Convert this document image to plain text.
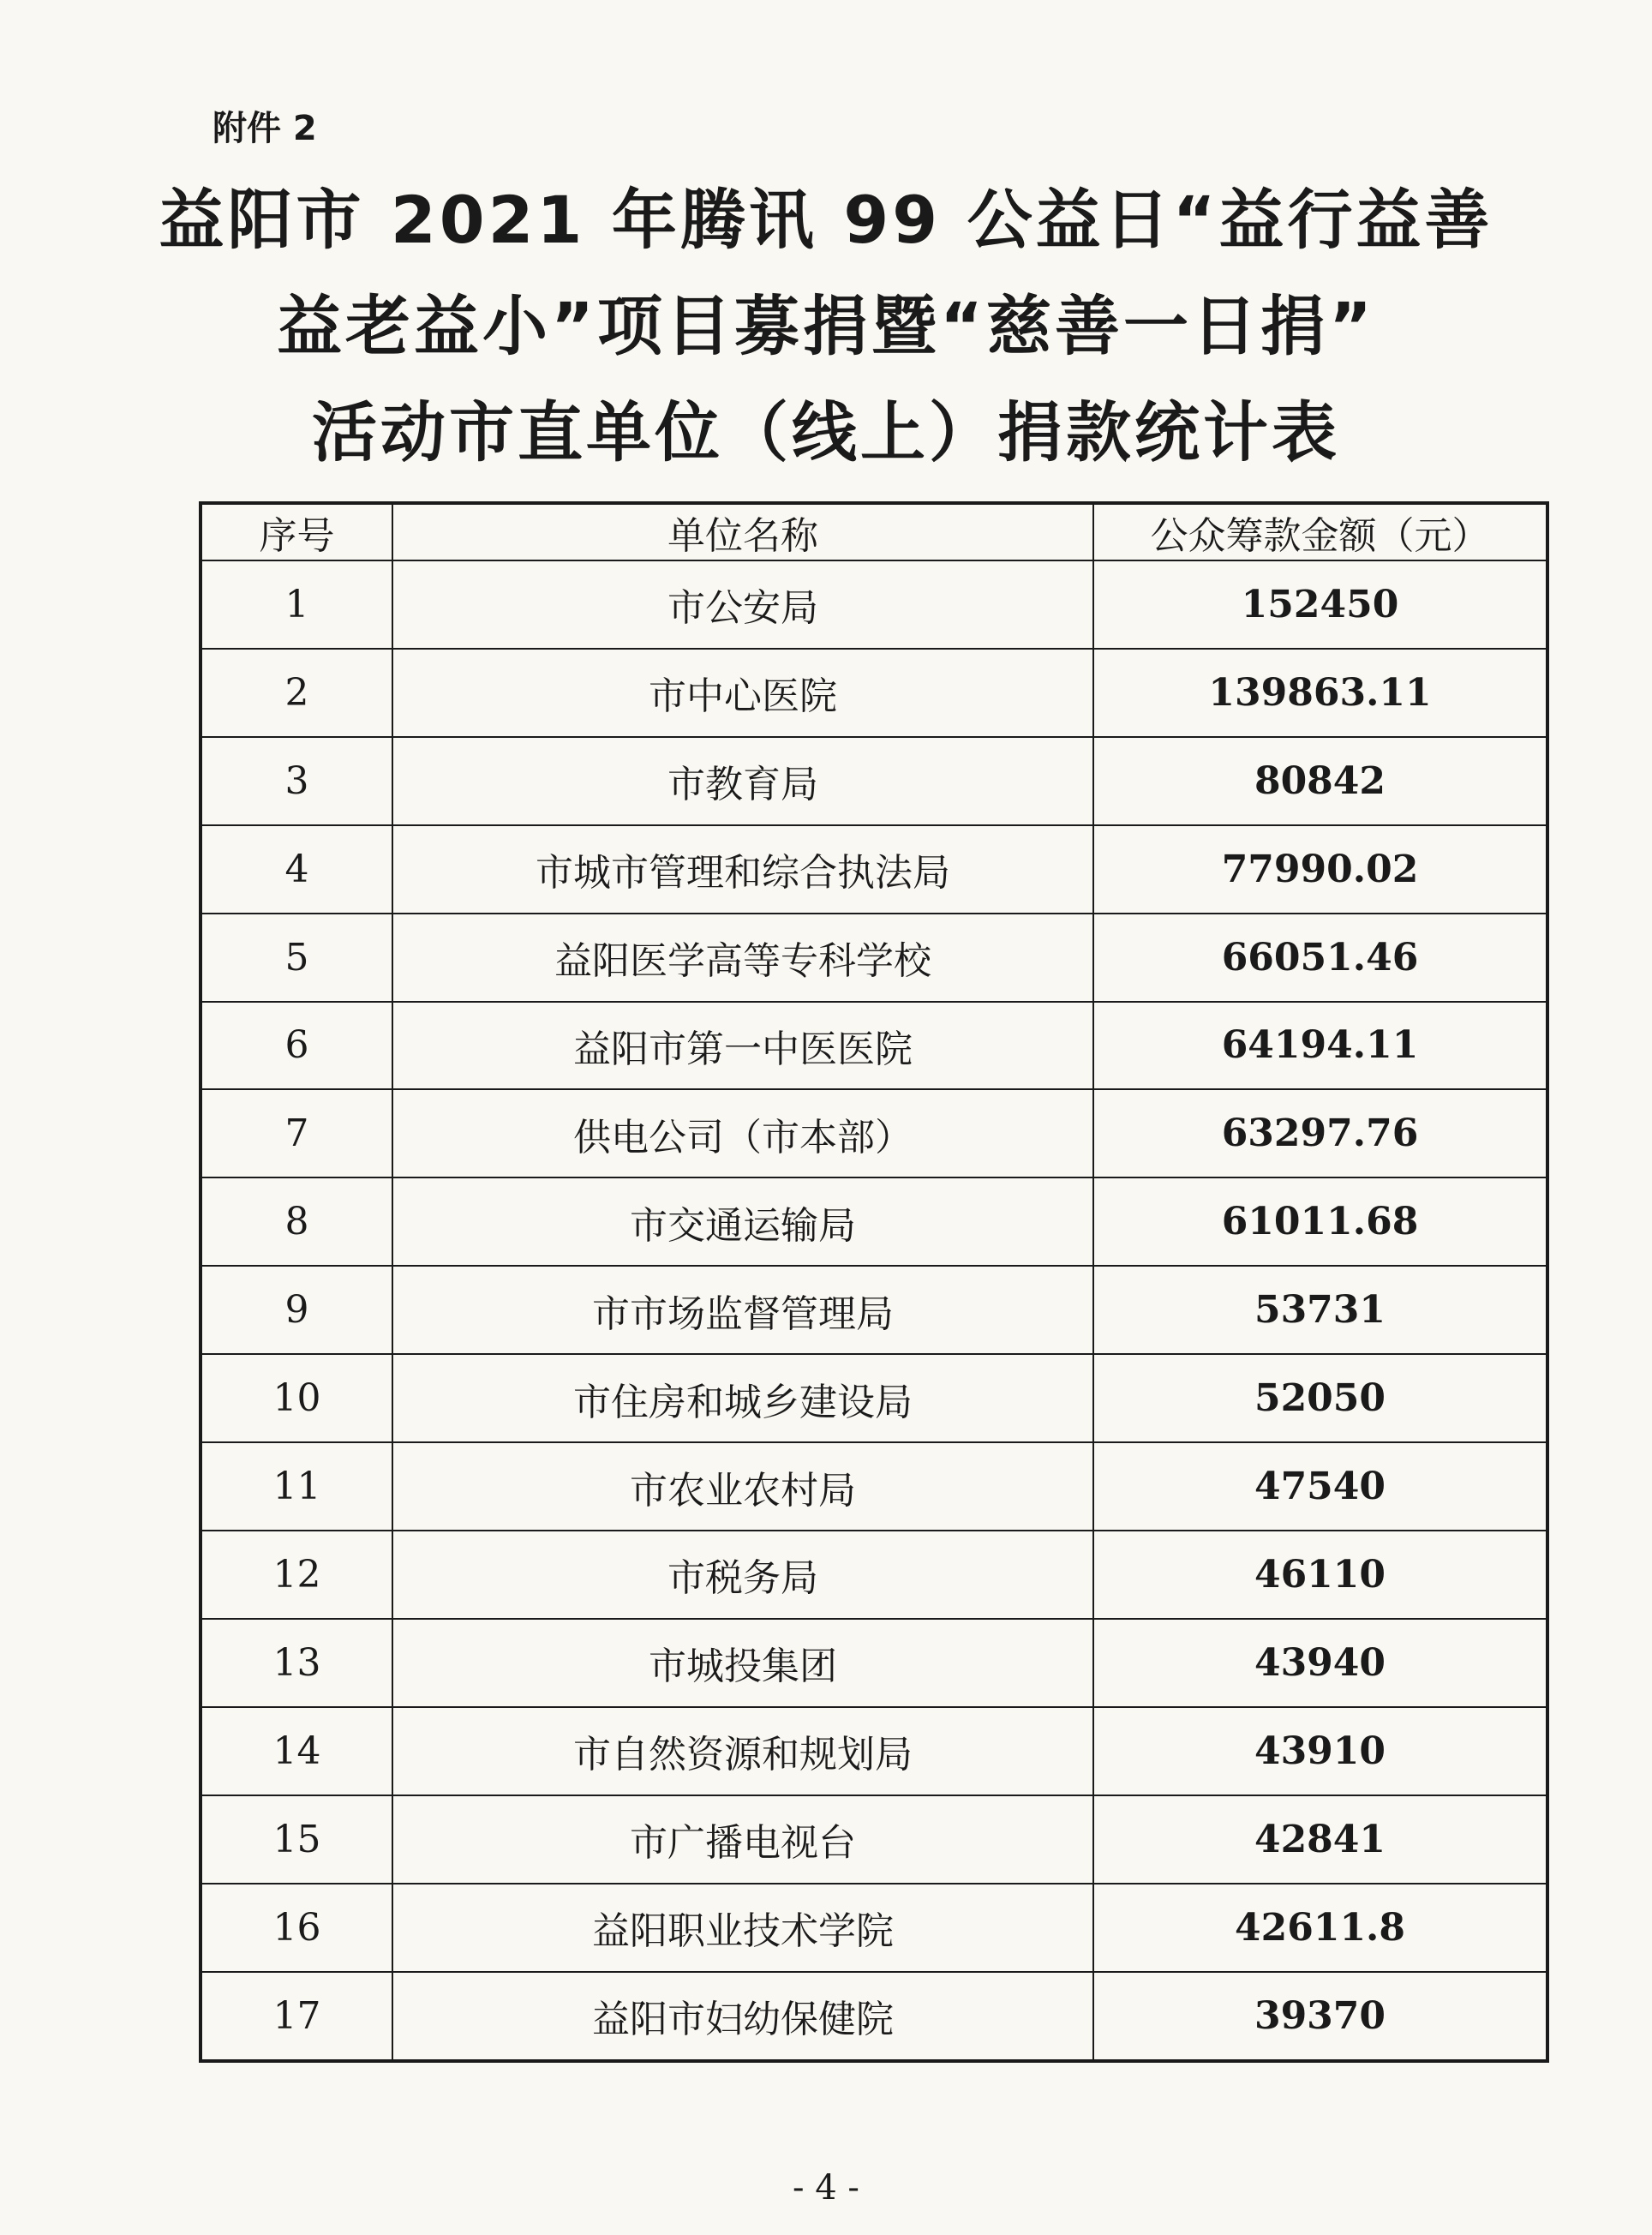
附件 2
益阳市 2021 年腾讯 99 公益日“益行益善
益老益小”项目募捐暨“慈善一日捐”
活动市直单位（线上）捐款统计表
序号	单位名称	公众筹款金额（元）
1	市公安局	152450
2	市中心医院	139863.11
3	市教育局	80842
4	市城市管理和综合执法局	77990.02
5	益阳医学高等专科学校	66051.46
6	益阳市第一中医医院	64194.11
7	供电公司（市本部）	63297.76
8	市交通运输局	61011.68
9	市市场监督管理局	53731
10	市住房和城乡建设局	52050
11	市农业农村局	47540
12	市税务局	46110
13	市城投集团	43940
14	市自然资源和规划局	43910
15	市广播电视台	42841
16	益阳职业技术学院	42611.8
17	益阳市妇幼保健院	39370
- 4 -
